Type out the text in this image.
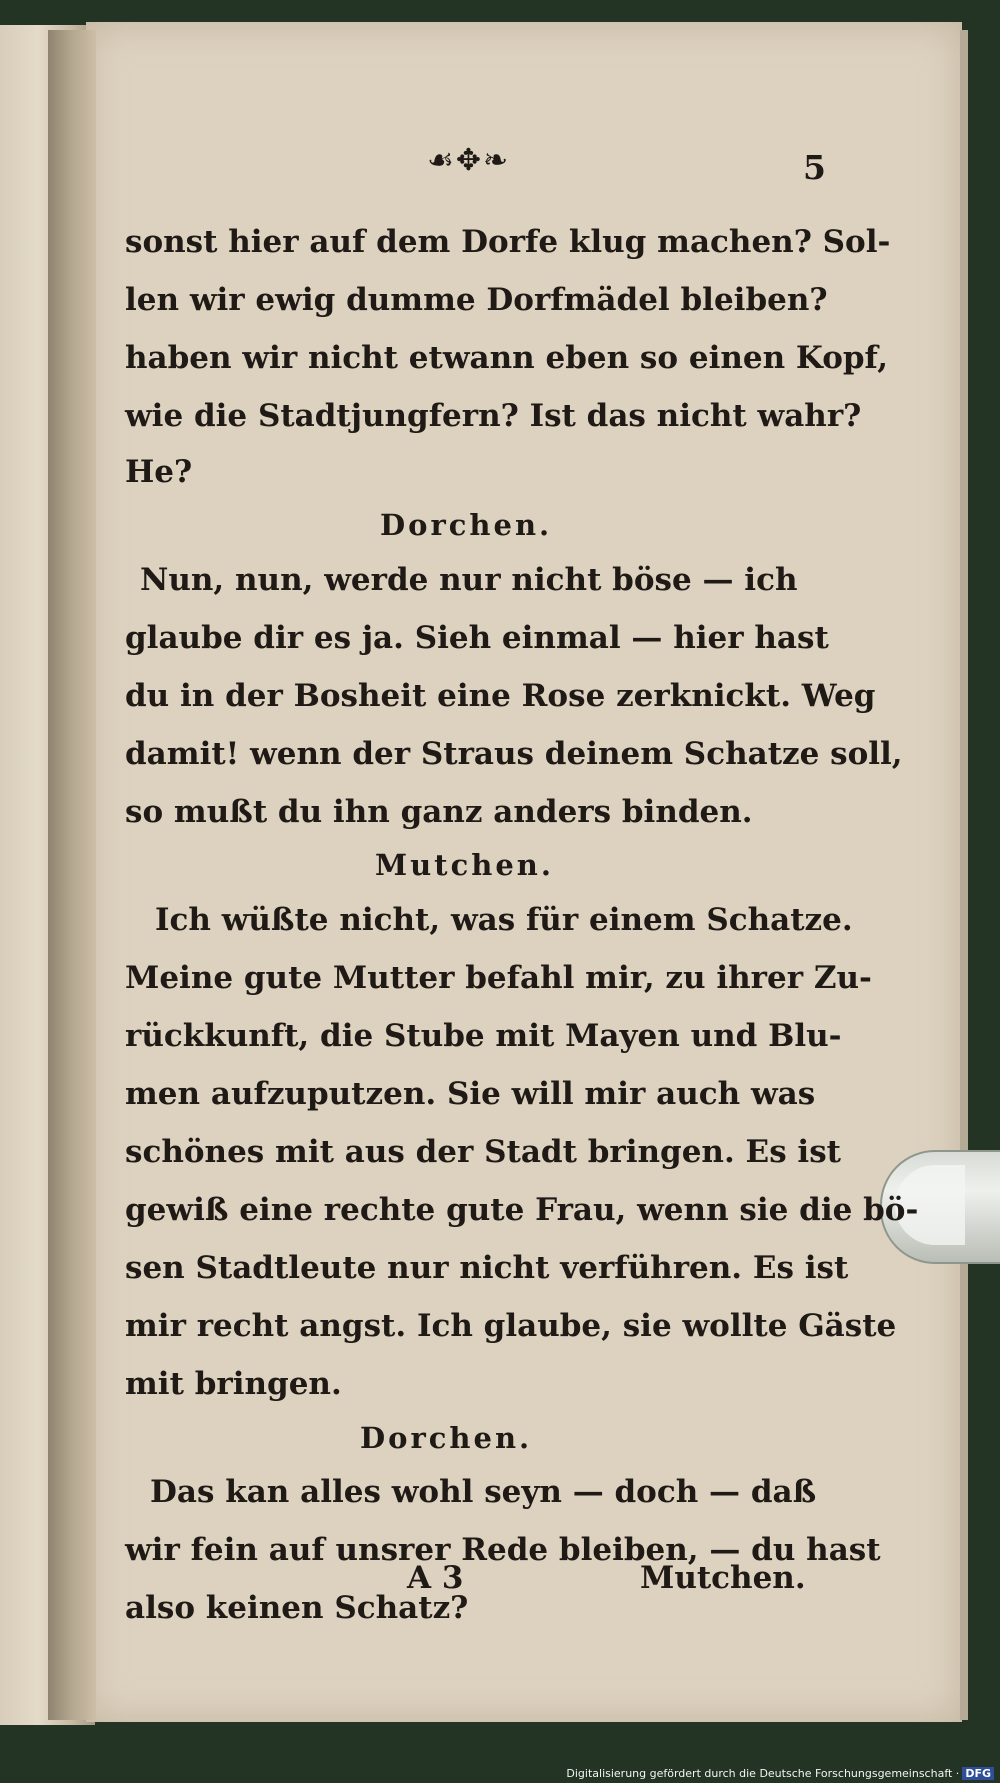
☙✥❧	5
sonst hier auf dem Dorfe klug machen? Sol-
len wir ewig dumme Dorfmädel bleiben?
haben wir nicht etwann eben so einen Kopf,
wie die Stadtjungfern? Ist das nicht wahr?
He?
Dorchen.
Nun, nun, werde nur nicht böse — ich
glaube dir es ja. Sieh einmal — hier hast
du in der Bosheit eine Rose zerknickt. Weg
damit! wenn der Straus deinem Schatze soll,
so mußt du ihn ganz anders binden.
Mutchen.
Ich wüßte nicht, was für einem Schatze.
Meine gute Mutter befahl mir, zu ihrer Zu-
rückkunft, die Stube mit Mayen und Blu-
men aufzuputzen. Sie will mir auch was
schönes mit aus der Stadt bringen. Es ist
gewiß eine rechte gute Frau, wenn sie die bö-
sen Stadtleute nur nicht verführen. Es ist
mir recht angst. Ich glaube, sie wollte Gäste
mit bringen.
Dorchen.
Das kan alles wohl seyn — doch — daß
wir fein auf unsrer Rede bleiben, — du hast
also keinen Schatz?
A 3	Mutchen.
Digitalisierung gefördert durch die Deutsche Forschungsgemeinschaft · DFG
